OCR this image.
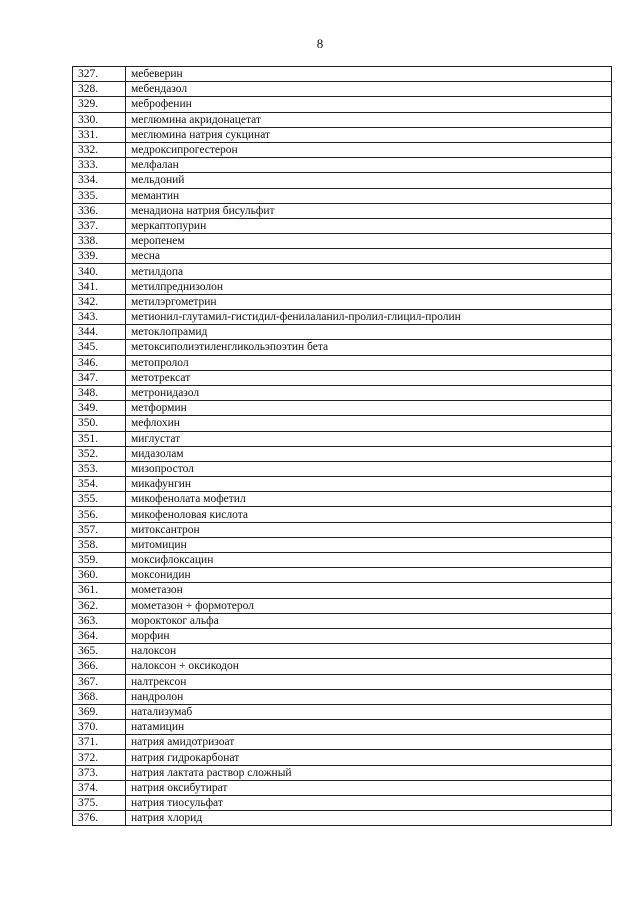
8
327.	мебеверин
328.	мебендазол
329.	меброфенин
330.	меглюмина акридонацетат
331.	меглюмина натрия сукцинат
332.	медроксипрогестерон
333.	мелфалан
334.	мельдоний
335.	мемантин
336.	менадиона натрия бисульфит
337.	меркаптопурин
338.	меропенем
339.	месна
340.	метилдопа
341.	метилпреднизолон
342.	метилэргометрин
343.	метионил-глутамил-гистидил-фенилаланил-пролил-глицил-пролин
344.	метоклопрамид
345.	метоксиполиэтиленгликольэпоэтин бета
346.	метопролол
347.	метотрексат
348.	метронидазол
349.	метформин
350.	мефлохин
351.	миглустат
352.	мидазолам
353.	мизопростол
354.	микафунгин
355.	микофенолата мофетил
356.	микофеноловая кислота
357.	митоксантрон
358.	митомицин
359.	моксифлоксацин
360.	моксонидин
361.	мометазон
362.	мометазон + формотерол
363.	мороктоког альфа
364.	морфин
365.	налоксон
366.	налоксон + оксикодон
367.	налтрексон
368.	нандролон
369.	натализумаб
370.	натамицин
371.	натрия амидотризоат
372.	натрия гидрокарбонат
373.	натрия лактата раствор сложный
374.	натрия оксибутират
375.	натрия тиосульфат
376.	натрия хлорид
